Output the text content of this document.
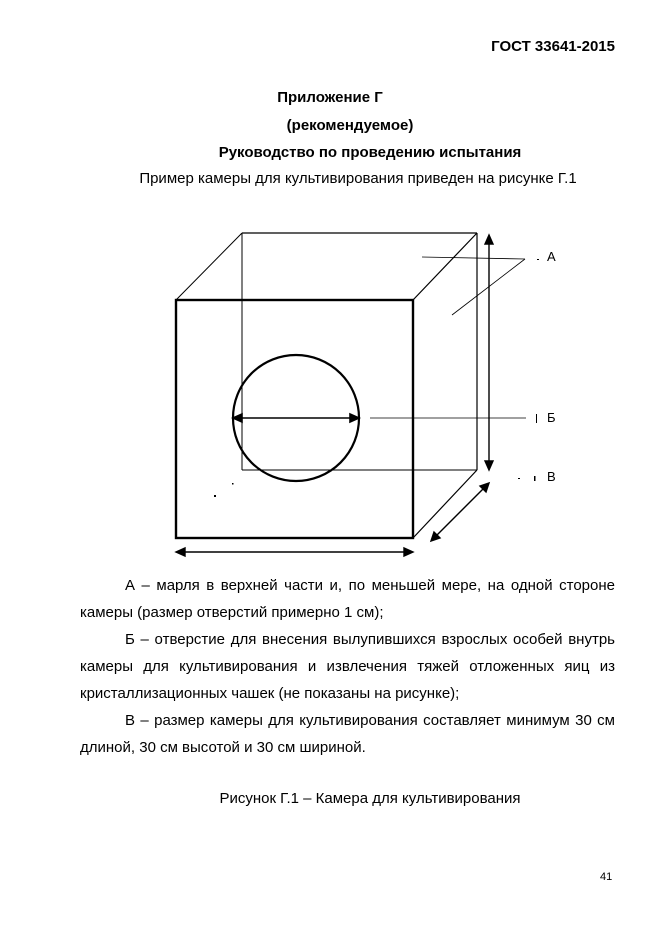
ГОСТ 33641-2015
Приложение Г
(рекомендуемое)
Руководство по проведению испытания
Пример камеры для культивирования приведен на рисунке Г.1
А
Б
В
А – марля в верхней части и, по меньшей мере, на одной стороне камеры (размер отверстий примерно 1 см);
Б – отверстие для внесения вылупившихся взрослых особей внутрь камеры для культивирования и извлечения тяжей отложенных яиц из кристаллизационных чашек (не показаны на рисунке);
В – размер камеры для культивирования составляет минимум 30 см длиной, 30 см высотой и 30 см шириной.
Рисунок Г.1 – Камера для культивирования
41
